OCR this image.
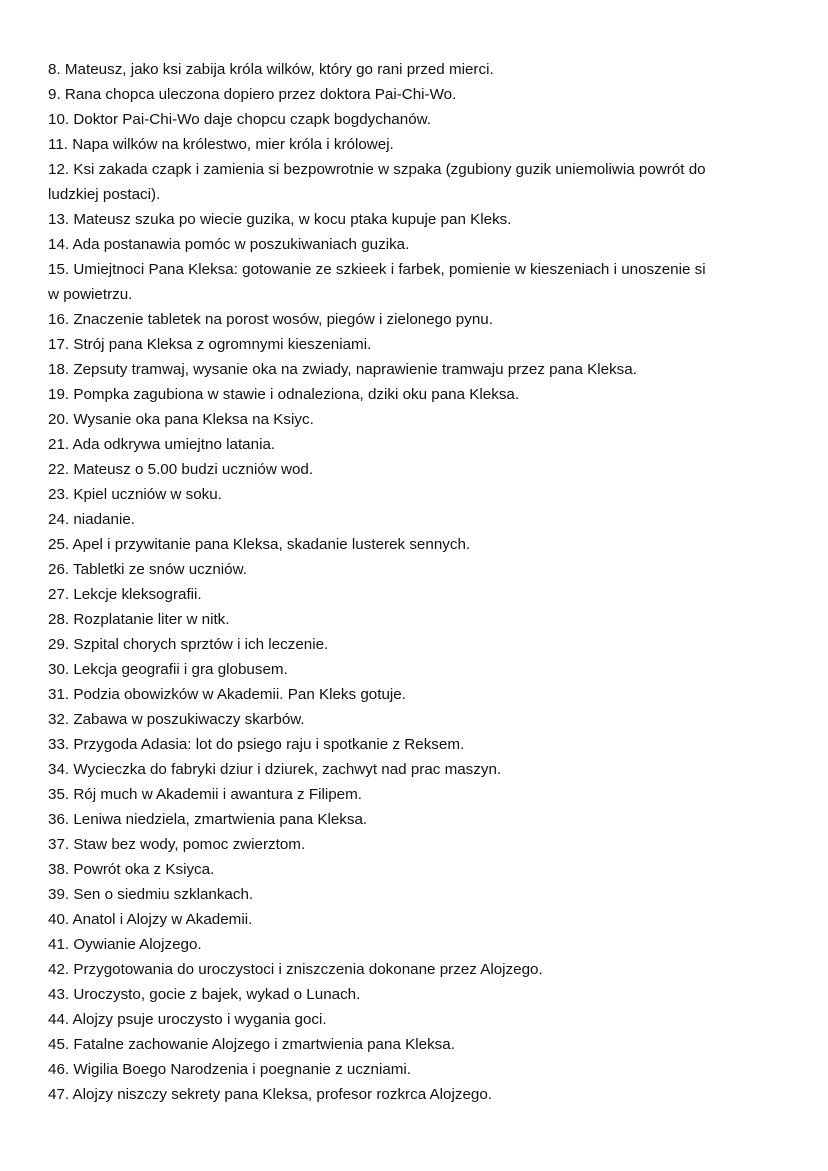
8. Mateusz, jako ksi zabija króla wilków, który go rani przed mierci.
9. Rana chopca uleczona dopiero przez doktora Pai-Chi-Wo.
10. Doktor Pai-Chi-Wo daje chopcu czapk bogdychanów.
11. Napa wilków na królestwo, mier króla i królowej.
12. Ksi zakada czapk i zamienia si bezpowrotnie w szpaka (zgubiony guzik uniemoliwia powrót do
ludzkiej postaci).
13. Mateusz szuka po wiecie guzika, w kocu ptaka kupuje pan Kleks.
14. Ada postanawia pomóc w poszukiwaniach guzika.
15. Umiejtnoci Pana Kleksa: gotowanie ze szkieek i farbek, pomienie w kieszeniach i unoszenie si
w powietrzu.
16. Znaczenie tabletek na porost wosów, piegów i zielonego pynu.
17. Strój pana Kleksa z ogromnymi kieszeniami.
18. Zepsuty tramwaj, wysanie oka na zwiady, naprawienie tramwaju przez pana Kleksa.
19. Pompka zagubiona w stawie i odnaleziona, dziki oku pana Kleksa.
20. Wysanie oka pana Kleksa na Ksiyc.
21. Ada odkrywa umiejtno latania.
22. Mateusz o 5.00 budzi uczniów wod.
23. Kpiel uczniów w soku.
24. niadanie.
25. Apel i przywitanie pana Kleksa, skadanie lusterek sennych.
26. Tabletki ze snów uczniów.
27. Lekcje kleksografii.
28. Rozplatanie liter w nitk.
29. Szpital chorych sprztów i ich leczenie.
30. Lekcja geografii i gra globusem.
31. Podzia obowizków w Akademii. Pan Kleks gotuje.
32. Zabawa w poszukiwaczy skarbów.
33. Przygoda Adasia: lot do psiego raju i spotkanie z Reksem.
34. Wycieczka do fabryki dziur i dziurek, zachwyt nad prac maszyn.
35. Rój much w Akademii i awantura z Filipem.
36. Leniwa niedziela, zmartwienia pana Kleksa.
37. Staw bez wody, pomoc zwierztom.
38. Powrót oka z Ksiyca.
39. Sen o siedmiu szklankach.
40. Anatol i Alojzy w Akademii.
41. Oywianie Alojzego.
42. Przygotowania do uroczystoci i zniszczenia dokonane przez Alojzego.
43. Uroczysto, gocie z bajek, wykad o Lunach.
44. Alojzy psuje uroczysto i wygania goci.
45. Fatalne zachowanie Alojzego i zmartwienia pana Kleksa.
46. Wigilia Boego Narodzenia i poegnanie z uczniami.
47. Alojzy niszczy sekrety pana Kleksa, profesor rozkrca Alojzego.
